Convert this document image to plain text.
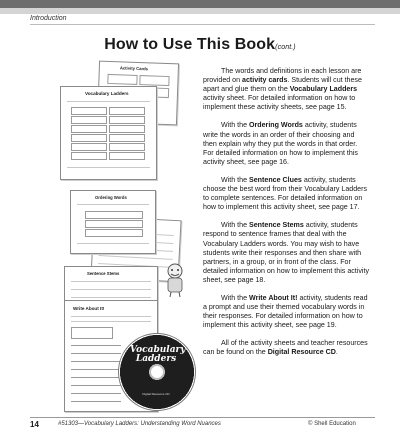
Introduction
How to Use This Book(cont.)
Activity Cards
Vocabulary Ladders
Ordering Words
Sentence Stems
Write About It!
Vocabulary Ladders
Digital Resource CD

The words and definitions in each lesson are provided on activity cards. Students will cut these apart and glue them on the Vocabulary Ladders activity sheet. For detailed information on how to implement these activity sheets, see page 15.

With the Ordering Words activity, students write the words in an order of their choosing and then explain why they put the words in that order. For detailed information on how to implement this activity sheet, see page 16.

With the Sentence Clues activity, students choose the best word from their Vocabulary Ladders to complete sentences. For detailed information on how to implement this activity sheet, see page 17.

With the Sentence Stems activity, students respond to sentence frames that deal with the Vocabulary Ladders words. You may wish to have students write their responses and then share with partners, in a group, or in front of the class. For detailed information on how to implement this activity sheet, see page 18.

With the Write About It! activity, students read a prompt and use their themed vocabulary words in their responses. For detailed information on how to implement this activity sheet, see page 19.

All of the activity sheets and teacher resources can be found on the Digital Resource CD.

14	#51303—Vocabulary Ladders: Understanding Word Nuances	© Shell Education
